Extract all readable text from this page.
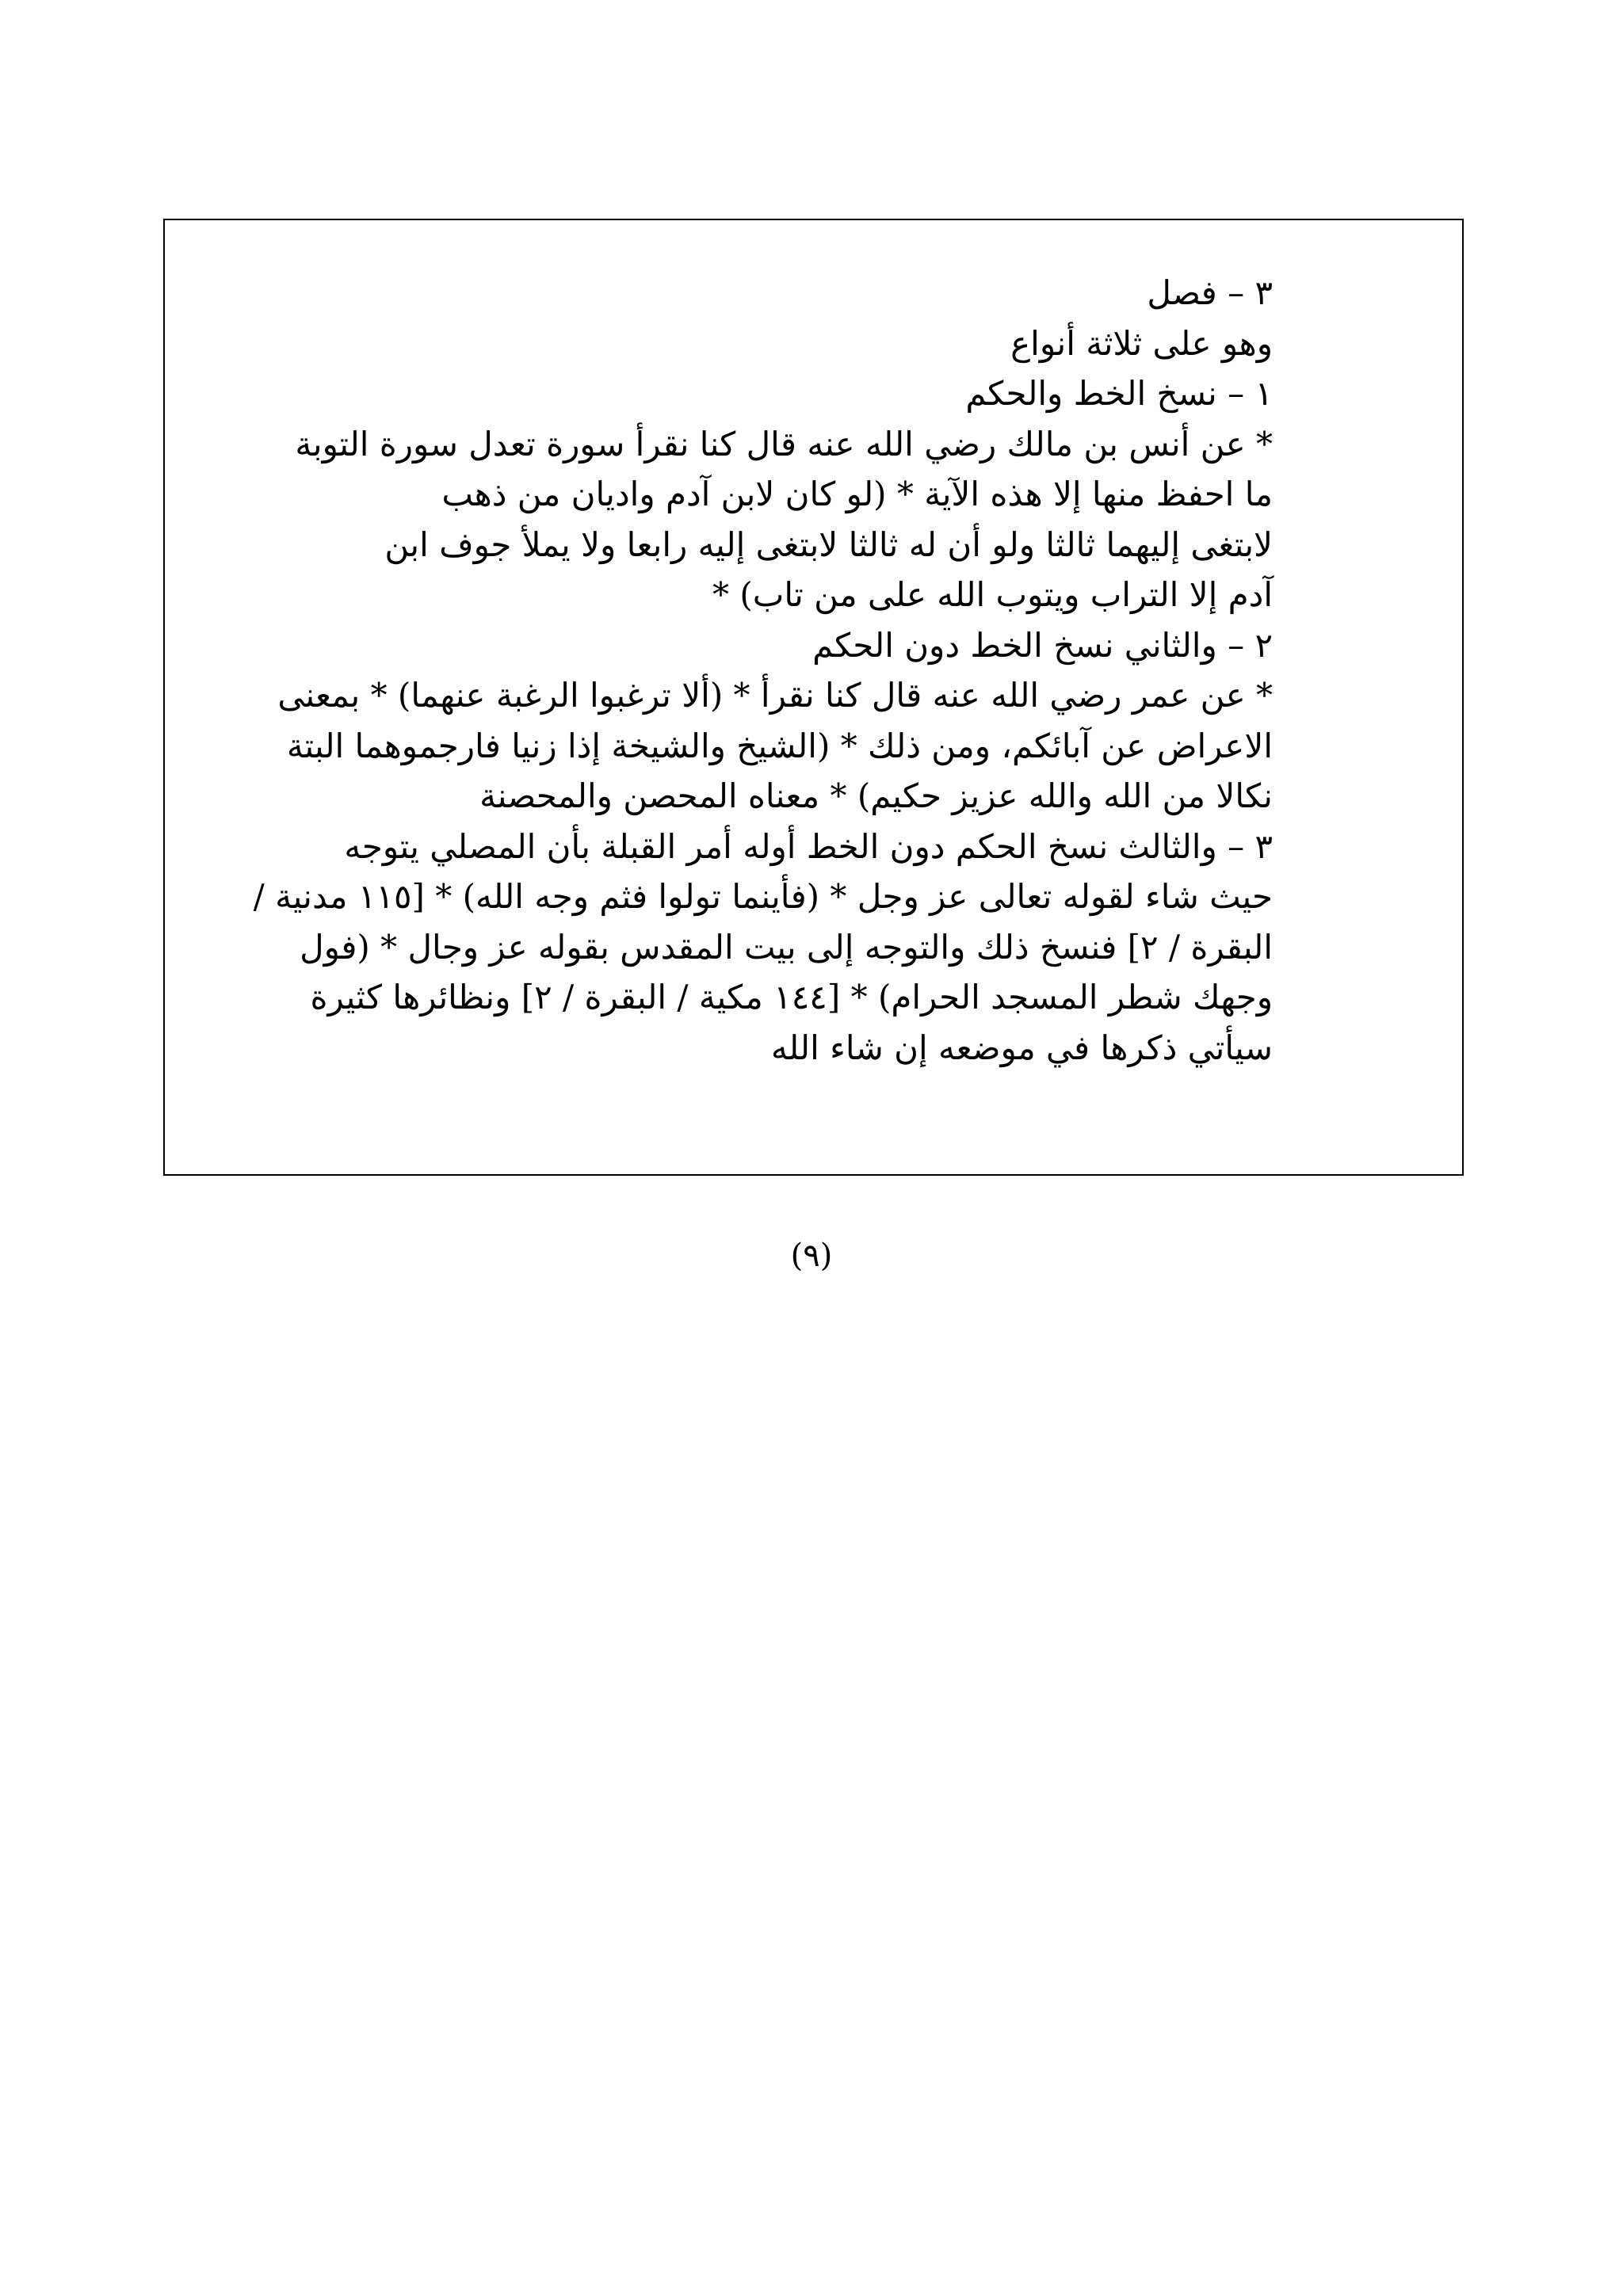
٣ – فصل
وهو على ثلاثة أنواع
١ – نسخ الخط والحكم
* عن أنس بن مالك رضي الله عنه قال كنا نقرأ سورة تعدل سورة التوبة
ما احفظ منها إلا هذه الآية * (لو كان لابن آدم واديان من ذهب
لابتغى إليهما ثالثا ولو أن له ثالثا لابتغى إليه رابعا ولا يملأ جوف ابن
آدم إلا التراب ويتوب الله على من تاب) *
٢ – والثاني نسخ الخط دون الحكم
* عن عمر رضي الله عنه قال كنا نقرأ * (ألا ترغبوا الرغبة عنهما) * بمعنى
الاعراض عن آبائكم، ومن ذلك * (الشيخ والشيخة إذا زنيا فارجموهما البتة
نكالا من الله والله عزيز حكيم) * معناه المحصن والمحصنة
٣ – والثالث نسخ الحكم دون الخط أوله أمر القبلة بأن المصلي يتوجه
حيث شاء لقوله تعالى عز وجل * (فأينما تولوا فثم وجه الله) * [١١٥ مدنية /
البقرة / ٢] فنسخ ذلك والتوجه إلى بيت المقدس بقوله عز وجال * (فول
وجهك شطر المسجد الحرام) * [١٤٤ مكية / البقرة / ٢] ونظائرها كثيرة
سيأتي ذكرها في موضعه إن شاء الله
(٩)
